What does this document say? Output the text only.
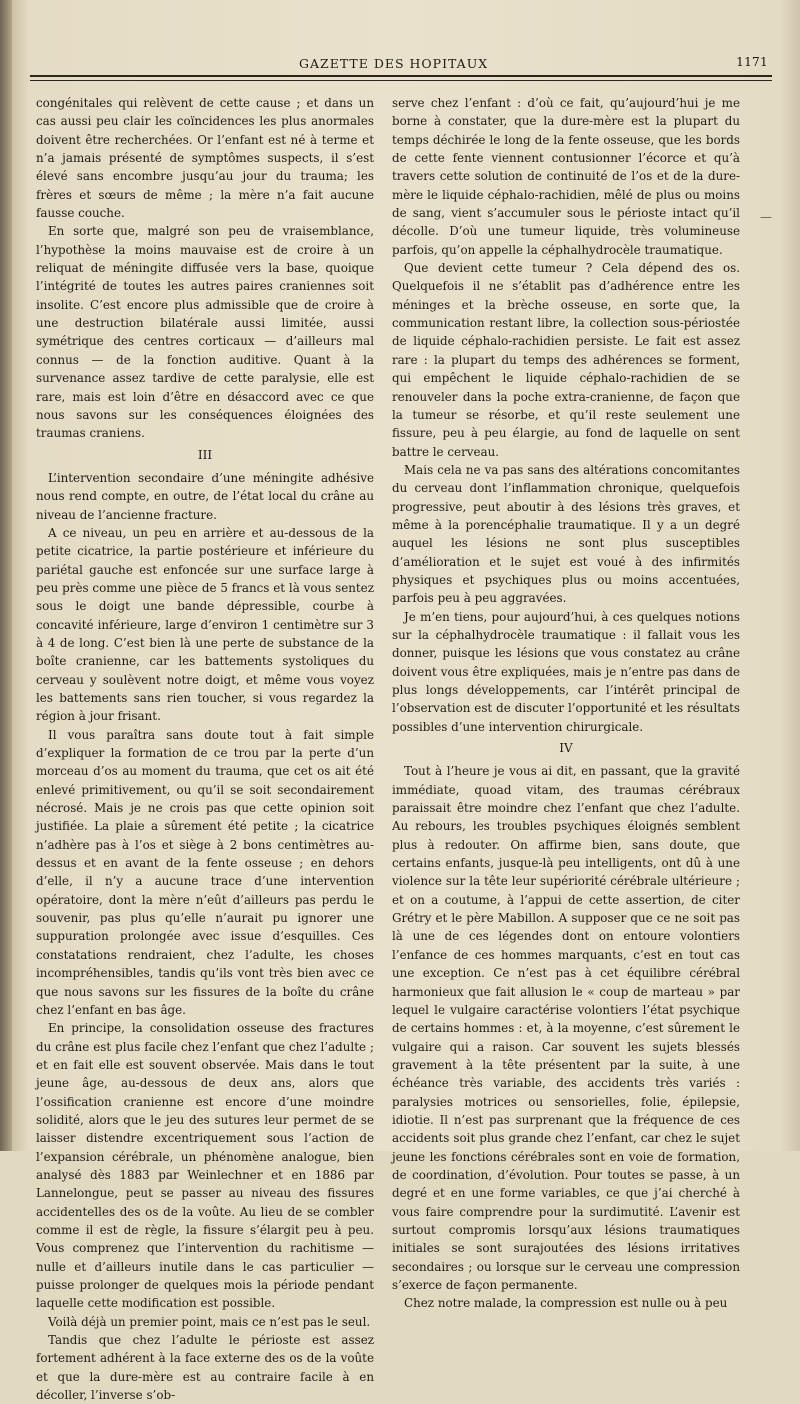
GAZETTE DES HOPITAUX	1171

congénitales qui relèvent de cette cause ; et dans un cas aussi peu clair les coïncidences les plus anormales doivent être recherchées. Or l’enfant est né à terme et n’a jamais présenté de symptômes suspects, il s’est élevé sans encombre jusqu’au jour du trauma; les frères et sœurs de même ; la mère n’a fait aucune fausse couche.

En sorte que, malgré son peu de vraisemblance, l’hypothèse la moins mauvaise est de croire à un reliquat de méningite diffusée vers la base, quoique l’intégrité de toutes les autres paires craniennes soit insolite. C’est encore plus admissible que de croire à une destruction bilatérale aussi limitée, aussi symétrique des centres corticaux — d’ailleurs mal connus — de la fonction auditive. Quant à la survenance assez tardive de cette paralysie, elle est rare, mais est loin d’être en désaccord avec ce que nous savons sur les conséquences éloignées des traumas craniens.

III

L’intervention secondaire d’une méningite adhésive nous rend compte, en outre, de l’état local du crâne au niveau de l’ancienne fracture.

A ce niveau, un peu en arrière et au-dessous de la petite cicatrice, la partie postérieure et inférieure du pariétal gauche est enfoncée sur une surface large à peu près comme une pièce de 5 francs et là vous sentez sous le doigt une bande dépressible, courbe à concavité inférieure, large d’environ 1 centimètre sur 3 à 4 de long. C’est bien là une perte de substance de la boîte cranienne, car les battements systoliques du cerveau y soulèvent notre doigt, et même vous voyez les battements sans rien toucher, si vous regardez la région à jour frisant.

Il vous paraîtra sans doute tout à fait simple d’expliquer la formation de ce trou par la perte d’un morceau d’os au moment du trauma, que cet os ait été enlevé primitivement, ou qu’il se soit secondairement nécrosé. Mais je ne crois pas que cette opinion soit justifiée. La plaie a sûrement été petite ; la cicatrice n’adhère pas à l’os et siège à 2 bons centimètres au-dessus et en avant de la fente osseuse ; en dehors d’elle, il n’y a aucune trace d’une intervention opératoire, dont la mère n’eût d’ailleurs pas perdu le souvenir, pas plus qu’elle n’aurait pu ignorer une suppuration prolongée avec issue d’esquilles. Ces constatations rendraient, chez l’adulte, les choses incompréhensibles, tandis qu’ils vont très bien avec ce que nous savons sur les fissures de la boîte du crâne chez l’enfant en bas âge.

En principe, la consolidation osseuse des fractures du crâne est plus facile chez l’enfant que chez l’adulte ; et en fait elle est souvent observée. Mais dans le tout jeune âge, au-dessous de deux ans, alors que l’ossification cranienne est encore d’une moindre solidité, alors que le jeu des sutures leur permet de se laisser distendre excentriquement sous l’action de l’expansion cérébrale, un phénomène analogue, bien analysé dès 1883 par Weinlechner et en 1886 par Lannelongue, peut se passer au niveau des fissures accidentelles des os de la voûte. Au lieu de se combler comme il est de règle, la fissure s’élargit peu à peu. Vous comprenez que l’intervention du rachitisme — nulle et d’ailleurs inutile dans le cas particulier — puisse prolonger de quelques mois la période pendant laquelle cette modification est possible.

Voilà déjà un premier point, mais ce n’est pas le seul.

Tandis que chez l’adulte le périoste est assez fortement adhérent à la face externe des os de la voûte et que la dure-mère est au contraire facile à en décoller, l’inverse s’ob-

serve chez l’enfant : d’où ce fait, qu’aujourd’hui je me borne à constater, que la dure-mère est la plupart du temps déchirée le long de la fente osseuse, que les bords de cette fente viennent contusionner l’écorce et qu’à travers cette solution de continuité de l’os et de la dure-mère le liquide céphalo-rachidien, mêlé de plus ou moins de sang, vient s’accumuler sous le périoste intact qu’il décolle. D’où une tumeur liquide, très volumineuse parfois, qu’on appelle la céphalhydrocèle traumatique.

Que devient cette tumeur ? Cela dépend des os. Quelquefois il ne s’établit pas d’adhérence entre les méninges et la brèche osseuse, en sorte que, la communication restant libre, la collection sous-périostée de liquide céphalo-rachidien persiste. Le fait est assez rare : la plupart du temps des adhérences se forment, qui empêchent le liquide céphalo-rachidien de se renouveler dans la poche extra-cranienne, de façon que la tumeur se résorbe, et qu’il reste seulement une fissure, peu à peu élargie, au fond de laquelle on sent battre le cerveau.

Mais cela ne va pas sans des altérations concomitantes du cerveau dont l’inflammation chronique, quelquefois progressive, peut aboutir à des lésions très graves, et même à la porencéphalie traumatique. Il y a un degré auquel les lésions ne sont plus susceptibles d’amélioration et le sujet est voué à des infirmités physiques et psychiques plus ou moins accentuées, parfois peu à peu aggravées.

Je m’en tiens, pour aujourd’hui, à ces quelques notions sur la céphalhydrocèle traumatique : il fallait vous les donner, puisque les lésions que vous constatez au crâne doivent vous être expliquées, mais je n’entre pas dans de plus longs développements, car l’intérêt principal de l’observation est de discuter l’opportunité et les résultats possibles d’une intervention chirurgicale.

IV

Tout à l’heure je vous ai dit, en passant, que la gravité immédiate, quoad vitam, des traumas cérébraux paraissait être moindre chez l’enfant que chez l’adulte. Au rebours, les troubles psychiques éloignés semblent plus à redouter. On affirme bien, sans doute, que certains enfants, jusque-là peu intelligents, ont dû à une violence sur la tête leur supériorité cérébrale ultérieure ; et on a coutume, à l’appui de cette assertion, de citer Grétry et le père Mabillon. A supposer que ce ne soit pas là une de ces légendes dont on entoure volontiers l’enfance de ces hommes marquants, c’est en tout cas une exception. Ce n’est pas à cet équilibre cérébral harmonieux que fait allusion le « coup de marteau » par lequel le vulgaire caractérise volontiers l’état psychique de certains hommes : et, à la moyenne, c’est sûrement le vulgaire qui a raison. Car souvent les sujets blessés gravement à la tête présentent par la suite, à une échéance très variable, des accidents très variés : paralysies motrices ou sensorielles, folie, épilepsie, idiotie. Il n’est pas surprenant que la fréquence de ces accidents soit plus grande chez l’enfant, car chez le sujet jeune les fonctions cérébrales sont en voie de formation, de coordination, d’évolution. Pour toutes se passe, à un degré et en une forme variables, ce que j’ai cherché à vous faire comprendre pour la surdimutité. L’avenir est surtout compromis lorsqu’aux lésions traumatiques initiales se sont surajoutées des lésions irritatives secondaires ; ou lorsque sur le cerveau une compression s’exerce de façon permanente.

Chez notre malade, la compression est nulle ou à peu

—
